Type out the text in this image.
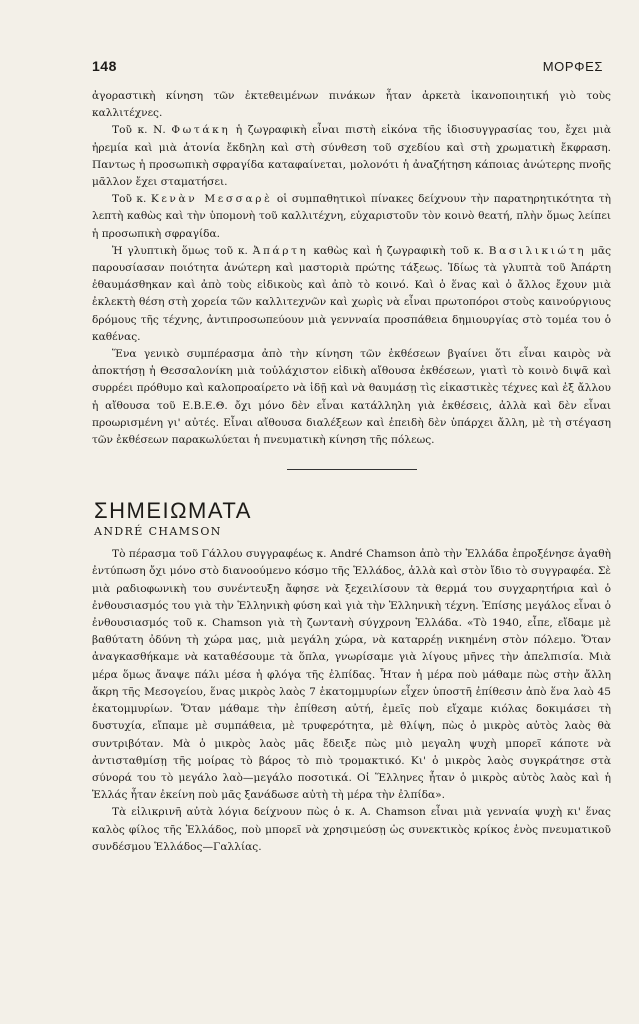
148	ΜΟΡΦΕΣ

ἀγοραστικὴ κίνηση τῶν ἐκτεθειμένων πινάκων ἦταν ἀρκετὰ ἱκανοποιητική γιὸ τοὺς καλλιτέχνες.

Τοῦ κ. Ν. Φωτάκη ἡ ζωγραφικὴ εἶναι πιστὴ εἰκόνα τῆς ἰδιοσυγγρασίας του, ἔχει μιὰ ἠρεμία καὶ μιὰ ἀτονία ἔκδηλη καὶ στὴ σύνθεση τοῦ σχεδίου καὶ στὴ χρωματικὴ ἔκφραση. Παντως ἡ προσωπικὴ σφραγίδα καταφαίνεται, μολονότι ἡ ἀναζήτηση κάποιας ἀνώτερης πνοῆς μᾶλλον ἔχει σταματήσει.

Τοῦ κ. Κενὰν Μεσσαρὲ οἱ συμπαθητικοὶ πίνακες δείχνουν τὴν παρατηρητικότητα τὴ λεπτὴ καθὼς καὶ τὴν ὑπομονὴ τοῦ καλλιτέχνη, εὐχαριστοῦν τὸν κοινὸ θεατή, πλὴν ὅμως λείπει ἡ προσωπικὴ σφραγίδα.

Ἡ γλυπτικὴ ὅμως τοῦ κ. Ἀπάρτη καθὼς καὶ ἡ ζωγραφικὴ τοῦ κ. Βασιλικιώτη μᾶς παρουσίασαν ποιότητα ἀνώτερη καὶ μαστοριὰ πρώτης τάξεως. Ἰδίως τὰ γλυπτὰ τοῦ Ἀπάρτη ἐθαυμάσθηκαν καὶ ἀπὸ τοὺς εἰδικοὺς καὶ ἀπὸ τὸ κοινό. Καὶ ὁ ἕνας καὶ ὁ ἄλλος ἔχουν μιὰ ἐκλεκτὴ θέση στὴ χορεία τῶν καλλιτεχνῶν καὶ χωρὶς νὰ εἶναι πρωτοπόροι στοὺς καινούργιους δρόμους τῆς τέχνης, ἀντιπροσωπεύουν μιὰ γεννναία προσπάθεια δημιουργίας στὸ τομέα του ὁ καθένας.

Ἕνα γενικὸ συμπέρασμα ἀπὸ τὴν κίνηση τῶν ἐκθέσεων βγαίνει ὅτι εἶναι καιρὸς νὰ ἀποκτήσῃ ἡ Θεσσαλονίκη μιὰ τοὐλάχιστον εἰδικὴ αἴθουσα ἐκθέσεων, γιατὶ τὸ κοινὸ διψᾶ καὶ συρρέει πρόθυμο καὶ καλοπροαίρετο νὰ ἰδῇ καὶ νὰ θαυμάσῃ τὶς εἰκαστικὲς τέχνες καὶ ἐξ ἄλλου ἡ αἴθουσα τοῦ Ε.Β.Ε.Θ. ὄχι μόνο δὲν εἶναι κατάλληλη γιὰ ἐκθέσεις, ἀλλὰ καὶ δὲν εἶναι προωρισμένη γι' αὐτές. Εἶναι αἴθουσα διαλέξεων καὶ ἐπειδὴ δὲν ὑπάρχει ἄλλη, μὲ τὴ στέγαση τῶν ἐκθέσεων παρακωλύεται ἡ πνευματικὴ κίνηση τῆς πόλεως.

ΣΗΜΕΙΩΜΑΤΑ
ANDRÉ CHAMSON

Τὸ πέρασμα τοῦ Γάλλου συγγραφέως κ. André Chamson ἀπὸ τὴν Ἑλλάδα ἐπροξένησε ἀγαθὴ ἐντύπωση ὄχι μόνο στὸ διανοούμενο κόσμο τῆς Ἑλλάδος, ἀλλὰ καὶ στὸν ἴδιο τὸ συγγραφέα. Σὲ μιὰ ραδιοφωνικὴ του συνέντευξη ἄφησε νὰ ξεχειλίσουν τὰ θερμά του συγχαρητήρια καὶ ὁ ἐνθουσιασμός του γιὰ τὴν Ἑλληνικὴ φύση καὶ γιὰ τὴν Ἑλληνικὴ τέχνη. Ἐπίσης μεγάλος εἶναι ὁ ἐνθουσιασμός τοῦ κ. Chamson γιὰ τὴ ζωντανὴ σύγχρονη Ἑλλάδα. «Τὸ 1940, εἶπε, εἴδαμε μὲ βαθύτατη ὀδύνη τὴ χώρα μας, μιὰ μεγάλη χώρα, νὰ καταρρέῃ νικημένη στὸν πόλεμο. Ὅταν ἀναγκασθήκαμε νὰ καταθέσουμε τὰ ὅπλα, γνωρίσαμε γιὰ λίγους μῆνες τὴν ἀπελπισία. Μιὰ μέρα ὅμως ἄναψε πάλι μέσα ἡ φλόγα τῆς ἐλπίδας. Ἦταν ἡ μέρα ποὺ μάθαμε πὼς στὴν ἄλλη ἄκρη τῆς Μεσογείου, ἕνας μικρὸς λαὸς 7 ἑκατομμυρίων εἶχεν ὑποστῆ ἐπίθεσιν ἀπὸ ἕνα λαὸ 45 ἑκατομμυρίων. Ὅταν μάθαμε τὴν ἐπίθεση αὐτή, ἐμεῖς ποὺ εἴχαμε κιόλας δοκιμάσει τὴ δυστυχία, εἴπαμε μὲ συμπάθεια, μὲ τρυφερότητα, μὲ θλίψη, πὼς ὁ μικρὸς αὐτὸς λαὸς θὰ συντριβόταν. Μὰ ὁ μικρὸς λαὸς μᾶς ἔδειξε πὼς μιὸ μεγαλη ψυχὴ μπορεῖ κάποτε νὰ ἀντισταθμίσῃ τῆς μοίρας τὸ βάρος τὸ πιὸ τρομακτικό. Κι' ὁ μικρὸς λαὸς συγκράτησε στὰ σύνορά του τὸ μεγάλο λαὸ—μεγάλο ποσοτικά. Οἱ Ἕλληνες ἦταν ὁ μικρὸς αὐτὸς λαὸς καὶ ἡ Ἑλλάς ἦταν ἐκείνη ποὺ μᾶς ξανάδωσε αὐτὴ τὴ μέρα τὴν ἐλπίδα».

Τὰ εἰλικρινῆ αὐτὰ λόγια δείχνουν πὼς ὁ κ. Α. Chamson εἶναι μιὰ γενναία ψυχὴ κι' ἕνας καλὸς φίλος τῆς Ἑλλάδος, ποὺ μπορεῖ νὰ χρησιμεύσῃ ὡς συνεκτικὸς κρίκος ἑνὸς πνευματικοῦ συνδέσμου Ἑλλάδος—Γαλλίας.
